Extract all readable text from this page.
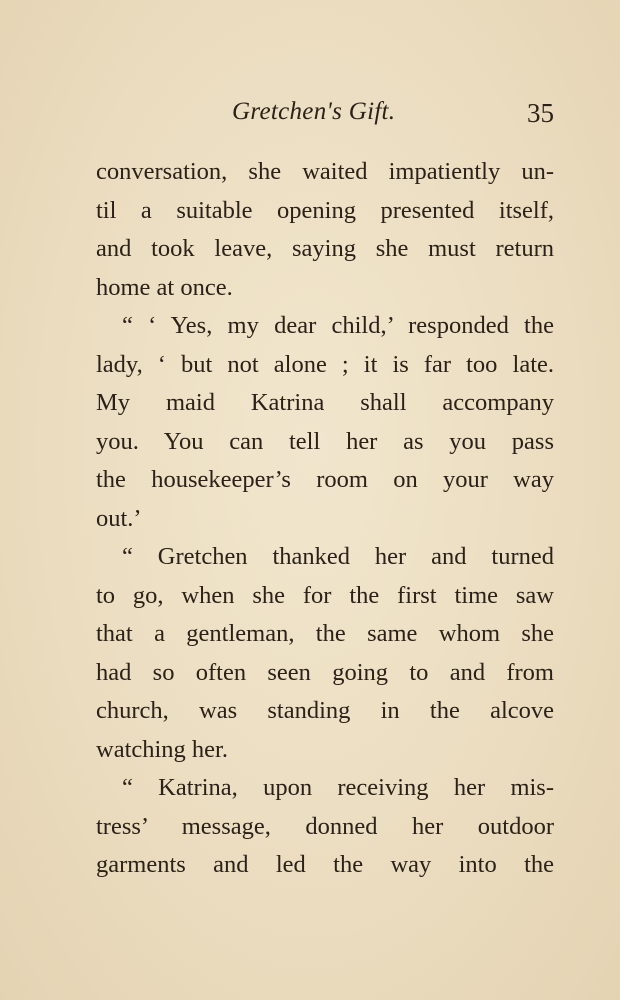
Gretchen's Gift.	35
conversation, she waited impatiently un-
til a suitable opening presented itself,
and took leave, saying she must return
home at once.
“ ‘ Yes, my dear child,’ responded the
lady, ‘ but not alone ; it is far too late.
My maid Katrina shall accompany
you. You can tell her as you pass
the housekeeper’s room on your way
out.’
“ Gretchen thanked her and turned
to go, when she for the first time saw
that a gentleman, the same whom she
had so often seen going to and from
church, was standing in the alcove
watching her.
“ Katrina, upon receiving her mis-
tress’ message, donned her outdoor
garments and led the way into the
